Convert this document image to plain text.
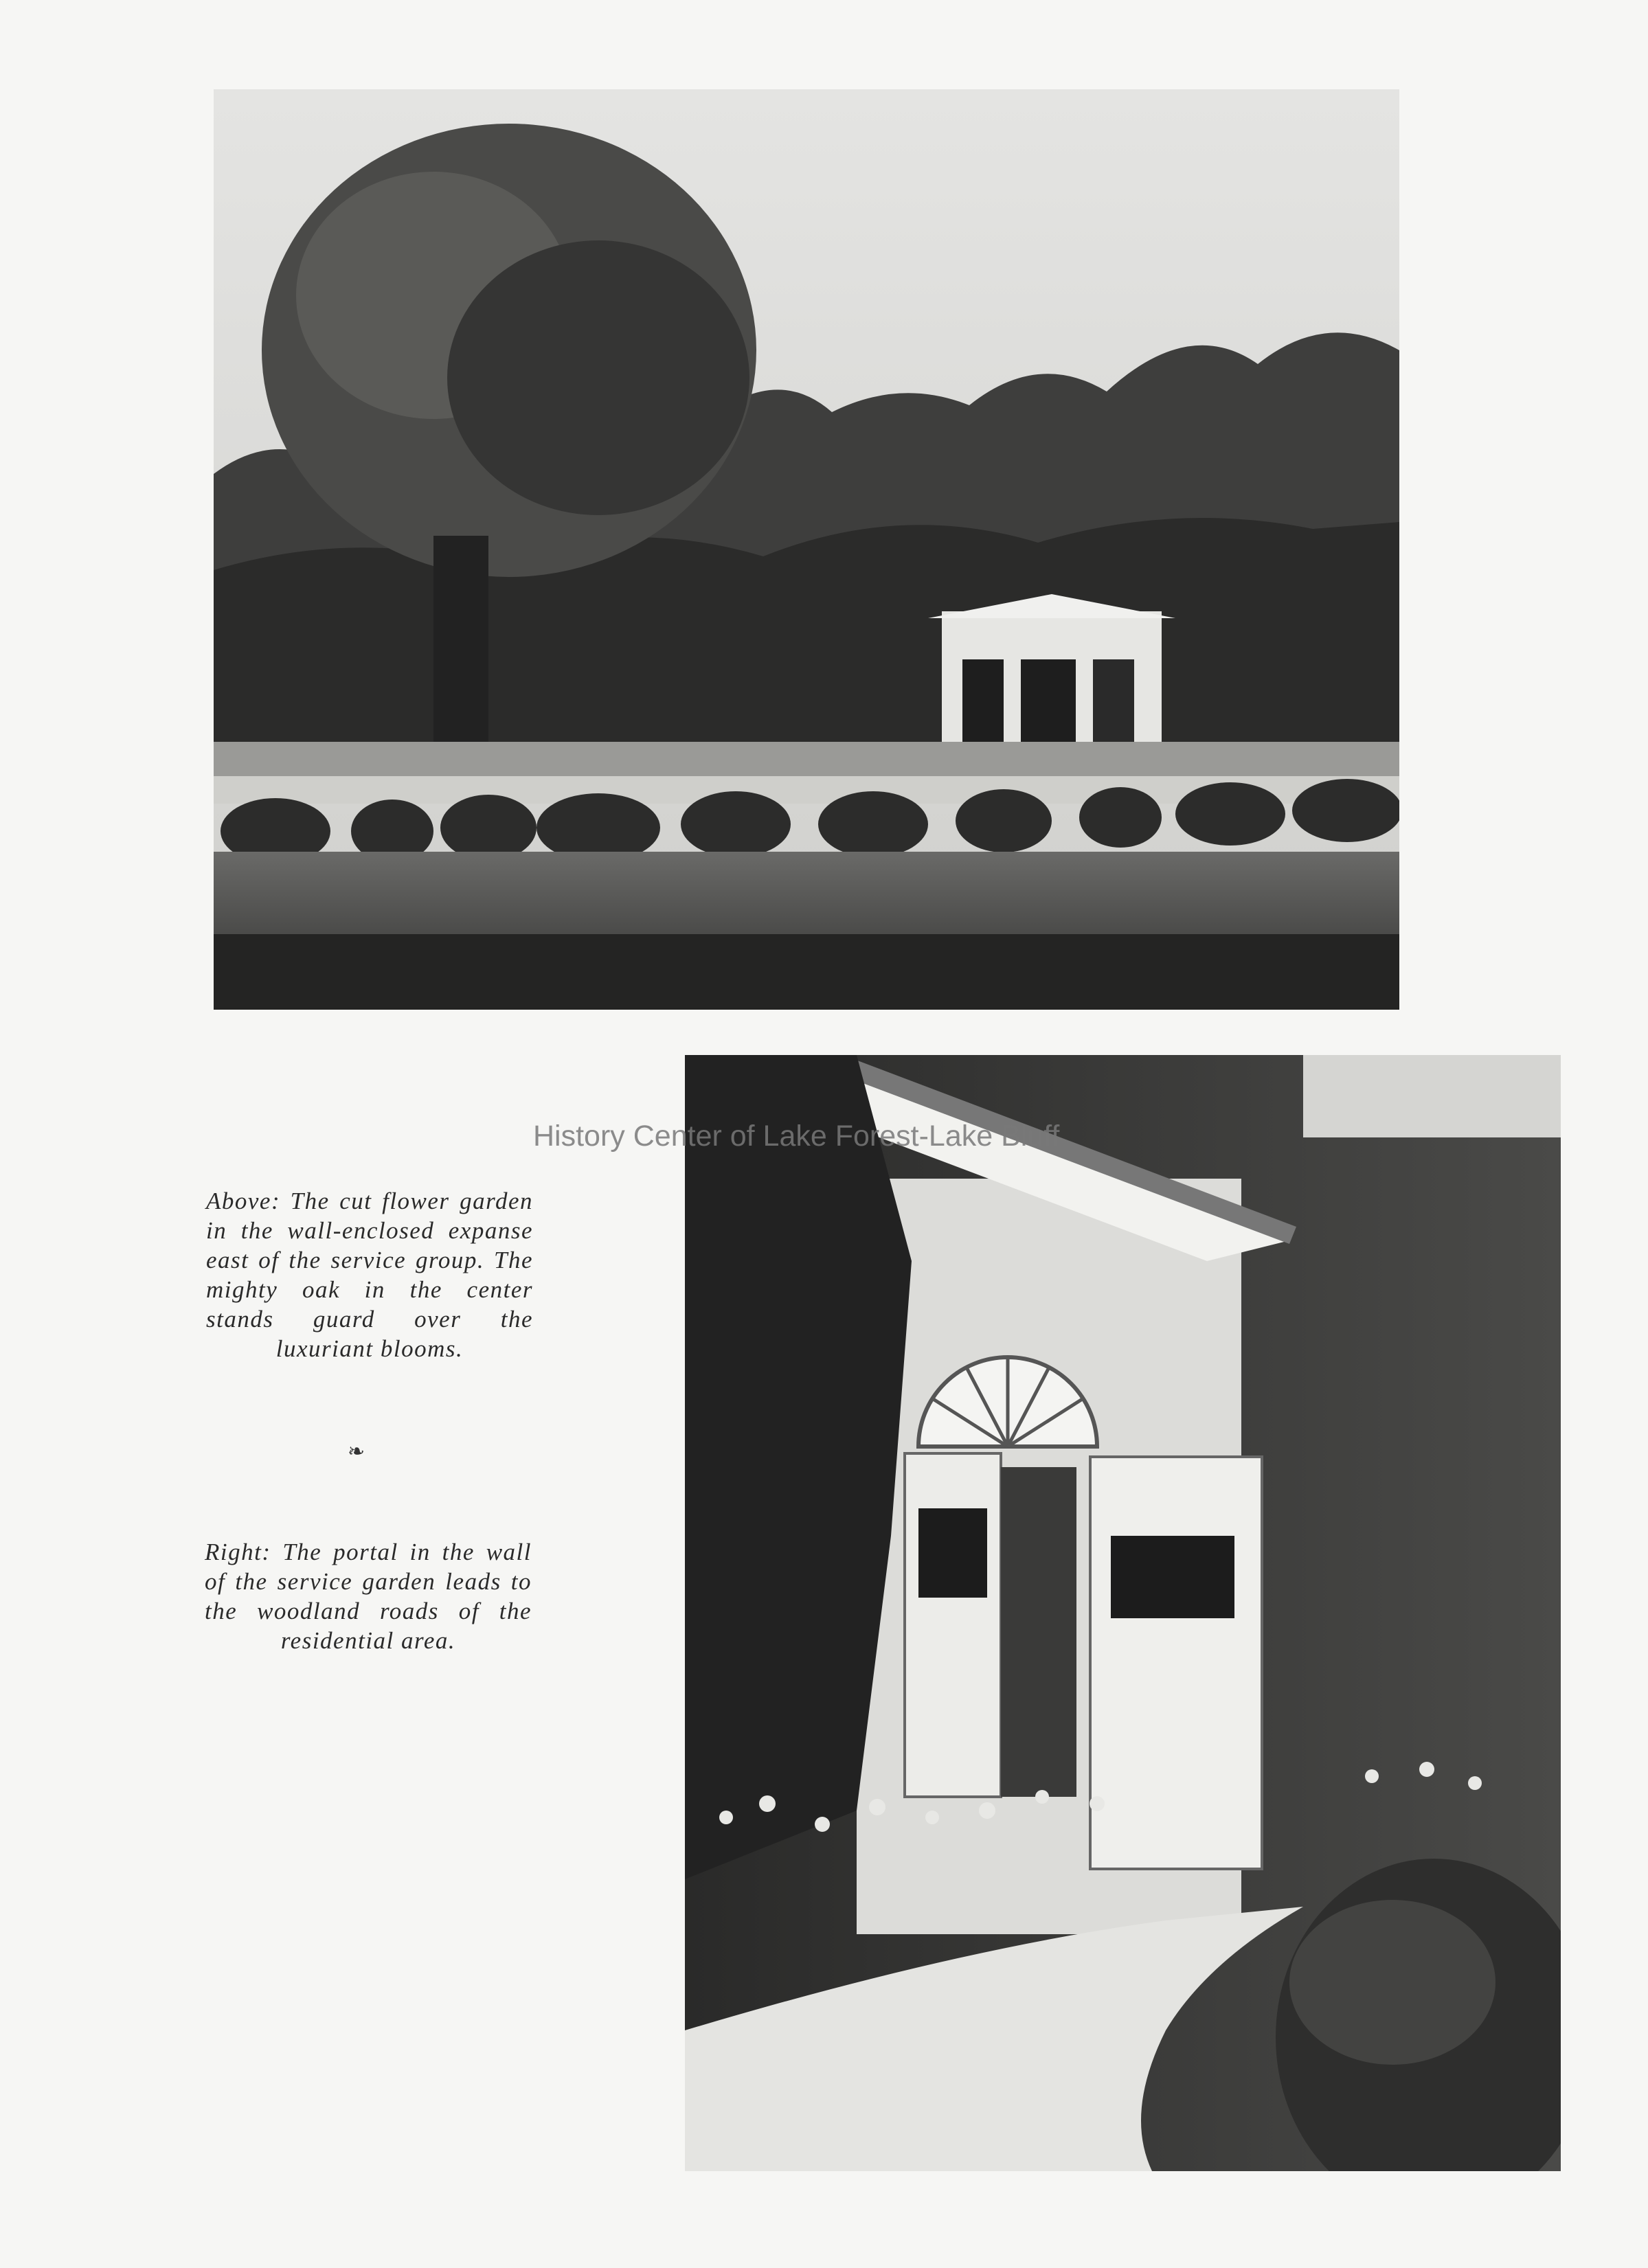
History Center of Lake Forest-Lake Bluff
Above: The cut flower garden in the wall-enclosed expanse east of the service group. The mighty oak in the center stands guard over the luxuriant blooms.
❧
Right: The portal in the wall of the service garden leads to the woodland roads of the residential area.
